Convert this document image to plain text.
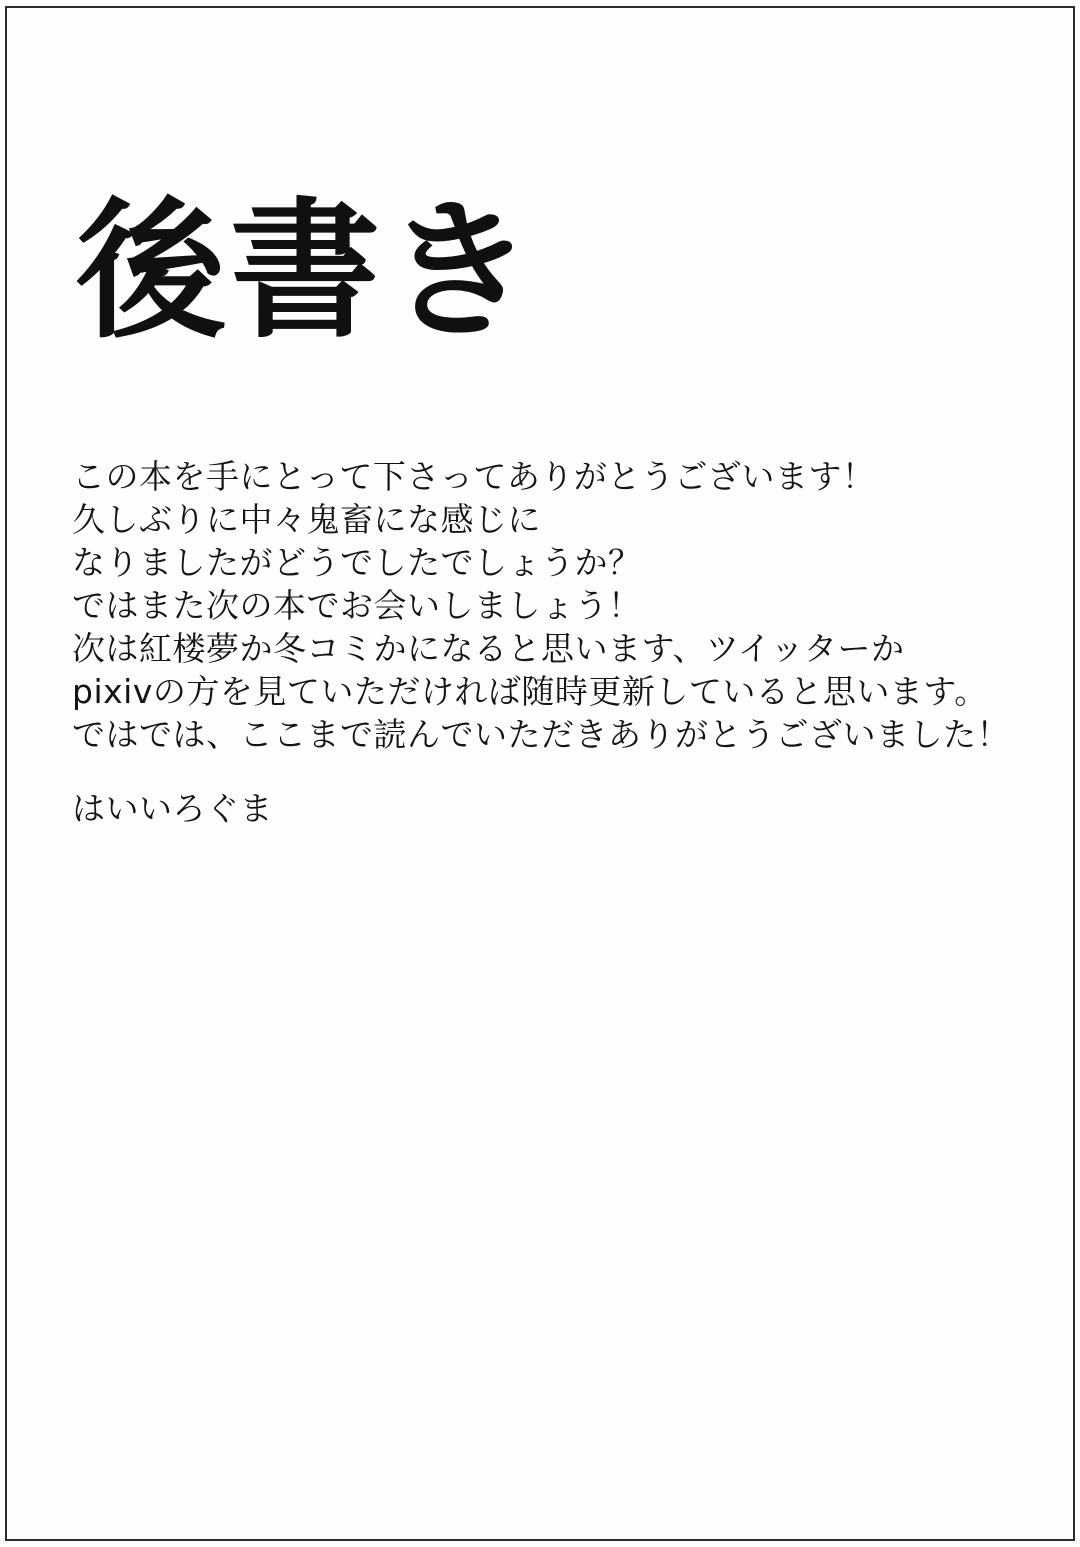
後書き
この本を手にとって下さってありがとうございます！
久しぶりに中々鬼畜にな感じに
なりましたがどうでしたでしょうか？
ではまた次の本でお会いしましょう！
次は紅楼夢か冬コミかになると思います、ツイッターか
pixivの方を見ていただければ随時更新していると思います。
ではでは、ここまで読んでいただきありがとうございました！
はいいろぐま
